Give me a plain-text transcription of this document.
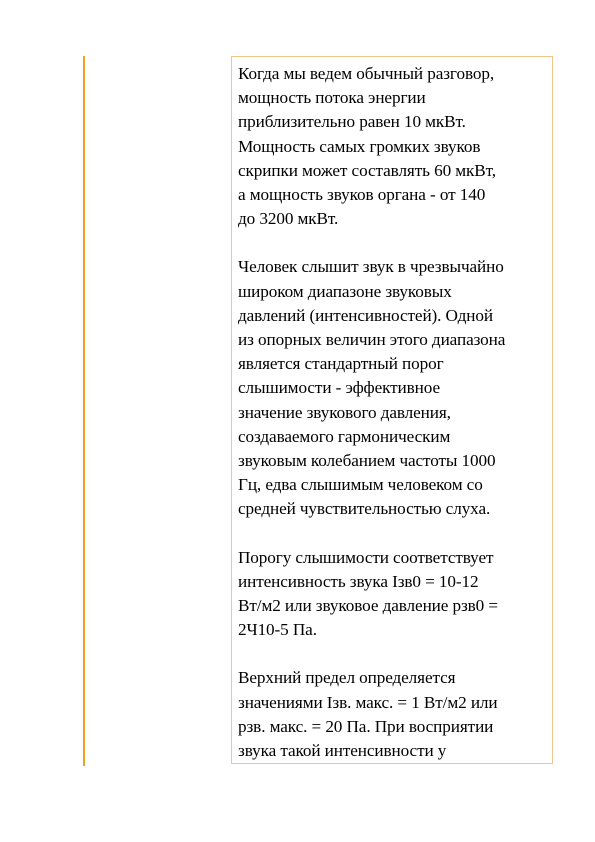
Когда мы ведем обычный разговор,
мощность потока энергии
приблизительно равен 10 мкВт.
Мощность самых громких звуков
скрипки может составлять 60 мкВт,
а мощность звуков органа - от 140
до 3200 мкВт.

Человек слышит звук в чрезвычайно
широком диапазоне звуковых
давлений (интенсивностей). Одной
из опорных величин этого диапазона
является стандартный порог
слышимости - эффективное
значение звукового давления,
создаваемого гармоническим
звуковым колебанием частоты 1000
Гц, едва слышимым человеком со
средней чувствительностью слуха.

Порогу слышимости соответствует
интенсивность звука Iзв0 = 10-12
Вт/м2 или звуковое давление pзв0 =
2Ч10-5 Па.

Верхний предел определяется
значениями Iзв. макс. = 1 Вт/м2 или
pзв. макс. = 20 Па. При восприятии
звука такой интенсивности у
